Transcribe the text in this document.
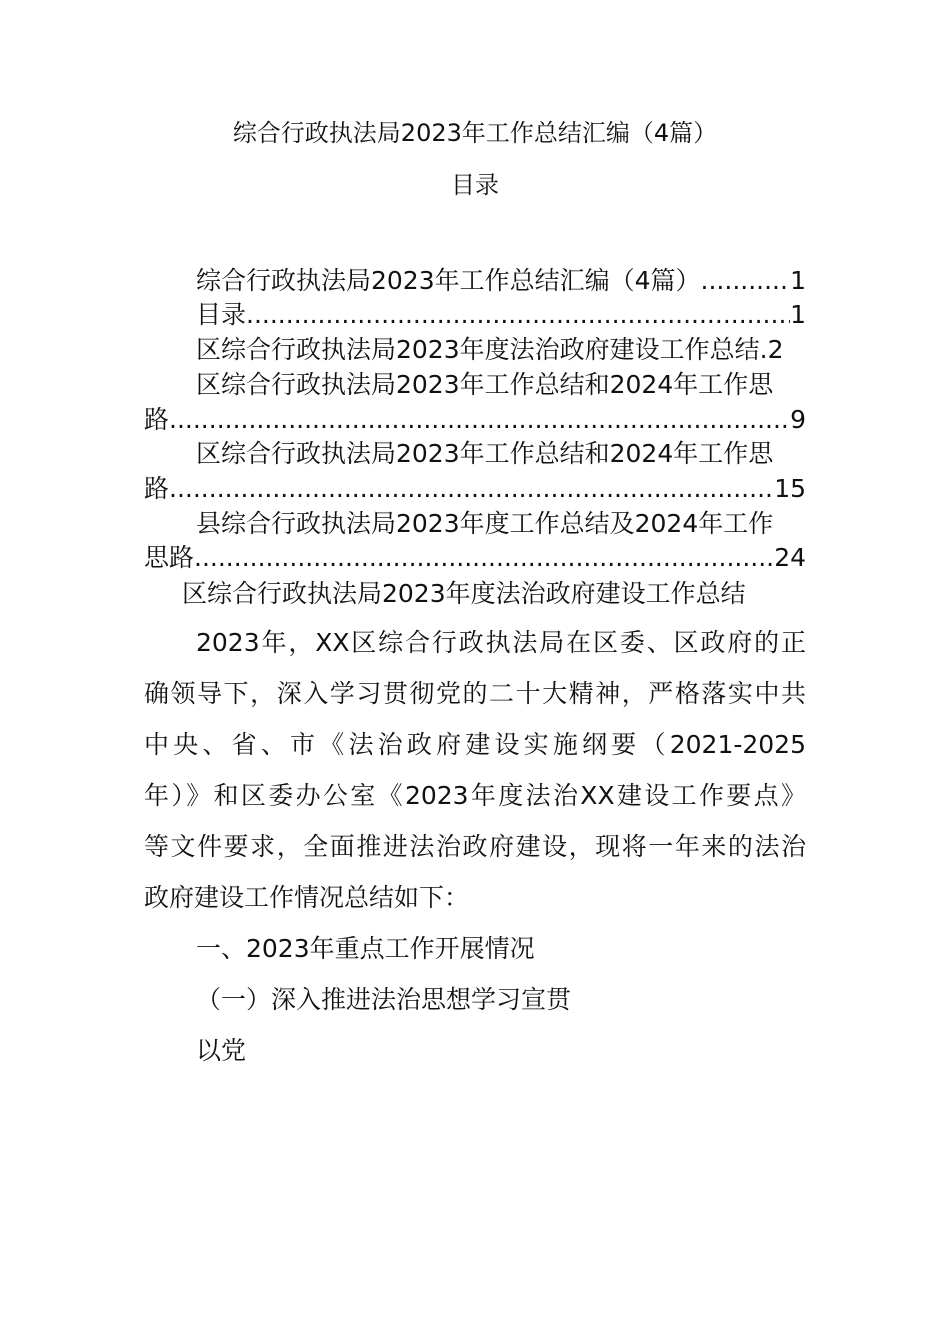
综合行政执法局2023年工作总结汇编（4篇）
目录
综合行政执法局2023年工作总结汇编（4篇） .....	1
目录 .....	1
区综合行政执法局2023年度法治政府建设工作总结. 2
区综合行政执法局2023年工作总结和2024年工作思
路 .....	9
区综合行政执法局2023年工作总结和2024年工作思
路 .....	15
县综合行政执法局2023年度工作总结及2024年工作
思路 .....	24
区综合行政执法局2023年度法治政府建设工作总结
2023年，XX区综合行政执法局在区委、区政府的正
确领导下，深入学习贯彻党的二十大精神，严格落实中共
中央、省、市《法治政府建设实施纲要（2021-2025
年）》和区委办公室《2023年度法治XX建设工作要点》
等文件要求，全面推进法治政府建设，现将一年来的法治
政府建设工作情况总结如下：
一、2023年重点工作开展情况
（一）深入推进法治思想学习宣贯
以党
